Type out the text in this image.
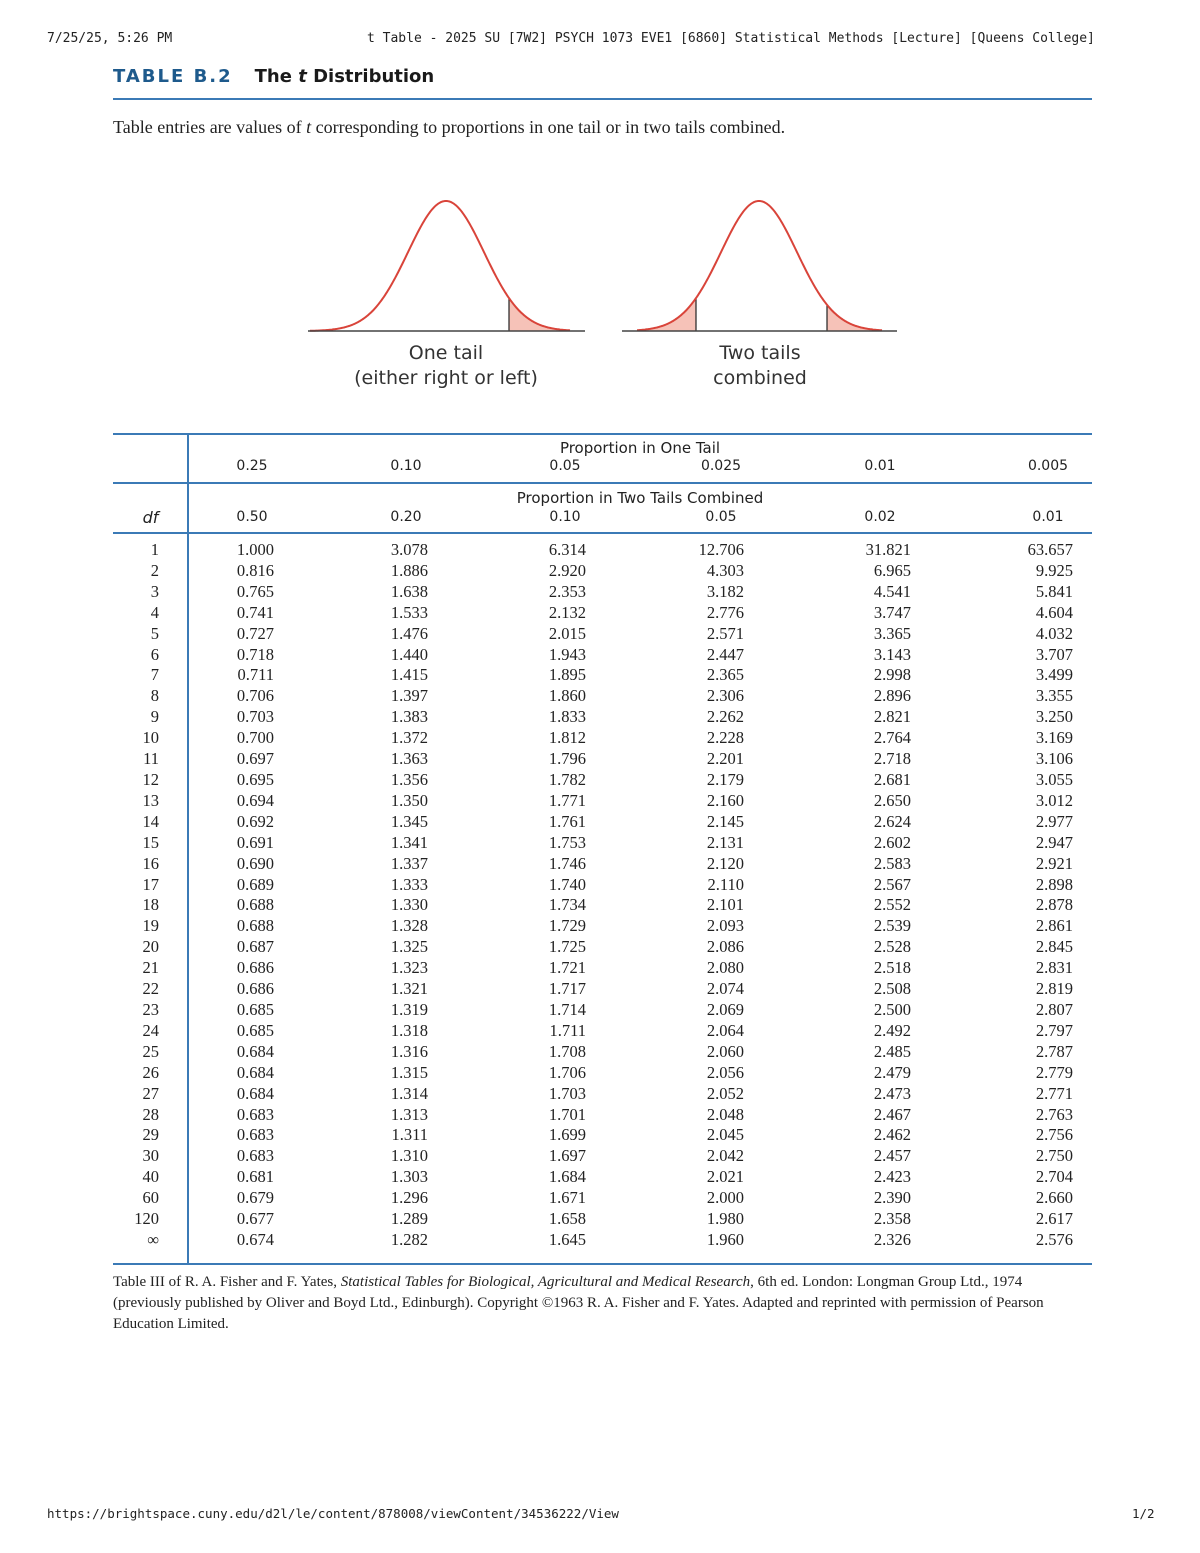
7/25/25, 5:26 PM	t Table - 2025 SU [7W2] PSYCH 1073 EVE1 [6860] Statistical Methods [Lecture] [Queens College]
https://brightspace.cuny.edu/d2l/le/content/878008/viewContent/34536222/View	1/2
TABLE B.2 The t Distribution
Table entries are values of t corresponding to proportions in one tail or in two tails combined.
One tail
(either right or left)
Two tails
combined
Proportion in One Tail
Proportion in Two Tails Combined
df
0.25	0.10	0.05	0.025	0.01	0.005
0.50	0.20	0.10	0.05	0.02	0.01
1	1.000	3.078	6.314	12.706	31.821	63.657
2	0.816	1.886	2.920	4.303	6.965	9.925
3	0.765	1.638	2.353	3.182	4.541	5.841
4	0.741	1.533	2.132	2.776	3.747	4.604
5	0.727	1.476	2.015	2.571	3.365	4.032
6	0.718	1.440	1.943	2.447	3.143	3.707
7	0.711	1.415	1.895	2.365	2.998	3.499
8	0.706	1.397	1.860	2.306	2.896	3.355
9	0.703	1.383	1.833	2.262	2.821	3.250
10	0.700	1.372	1.812	2.228	2.764	3.169
11	0.697	1.363	1.796	2.201	2.718	3.106
12	0.695	1.356	1.782	2.179	2.681	3.055
13	0.694	1.350	1.771	2.160	2.650	3.012
14	0.692	1.345	1.761	2.145	2.624	2.977
15	0.691	1.341	1.753	2.131	2.602	2.947
16	0.690	1.337	1.746	2.120	2.583	2.921
17	0.689	1.333	1.740	2.110	2.567	2.898
18	0.688	1.330	1.734	2.101	2.552	2.878
19	0.688	1.328	1.729	2.093	2.539	2.861
20	0.687	1.325	1.725	2.086	2.528	2.845
21	0.686	1.323	1.721	2.080	2.518	2.831
22	0.686	1.321	1.717	2.074	2.508	2.819
23	0.685	1.319	1.714	2.069	2.500	2.807
24	0.685	1.318	1.711	2.064	2.492	2.797
25	0.684	1.316	1.708	2.060	2.485	2.787
26	0.684	1.315	1.706	2.056	2.479	2.779
27	0.684	1.314	1.703	2.052	2.473	2.771
28	0.683	1.313	1.701	2.048	2.467	2.763
29	0.683	1.311	1.699	2.045	2.462	2.756
30	0.683	1.310	1.697	2.042	2.457	2.750
40	0.681	1.303	1.684	2.021	2.423	2.704
60	0.679	1.296	1.671	2.000	2.390	2.660
120	0.677	1.289	1.658	1.980	2.358	2.617
∞	0.674	1.282	1.645	1.960	2.326	2.576
Table III of R. A. Fisher and F. Yates, Statistical Tables for Biological, Agricultural and Medical Research, 6th ed. London: Longman Group Ltd., 1974 (previously published by Oliver and Boyd Ltd., Edinburgh). Copyright ©1963 R. A. Fisher and F. Yates. Adapted and reprinted with permission of Pearson Education Limited.
